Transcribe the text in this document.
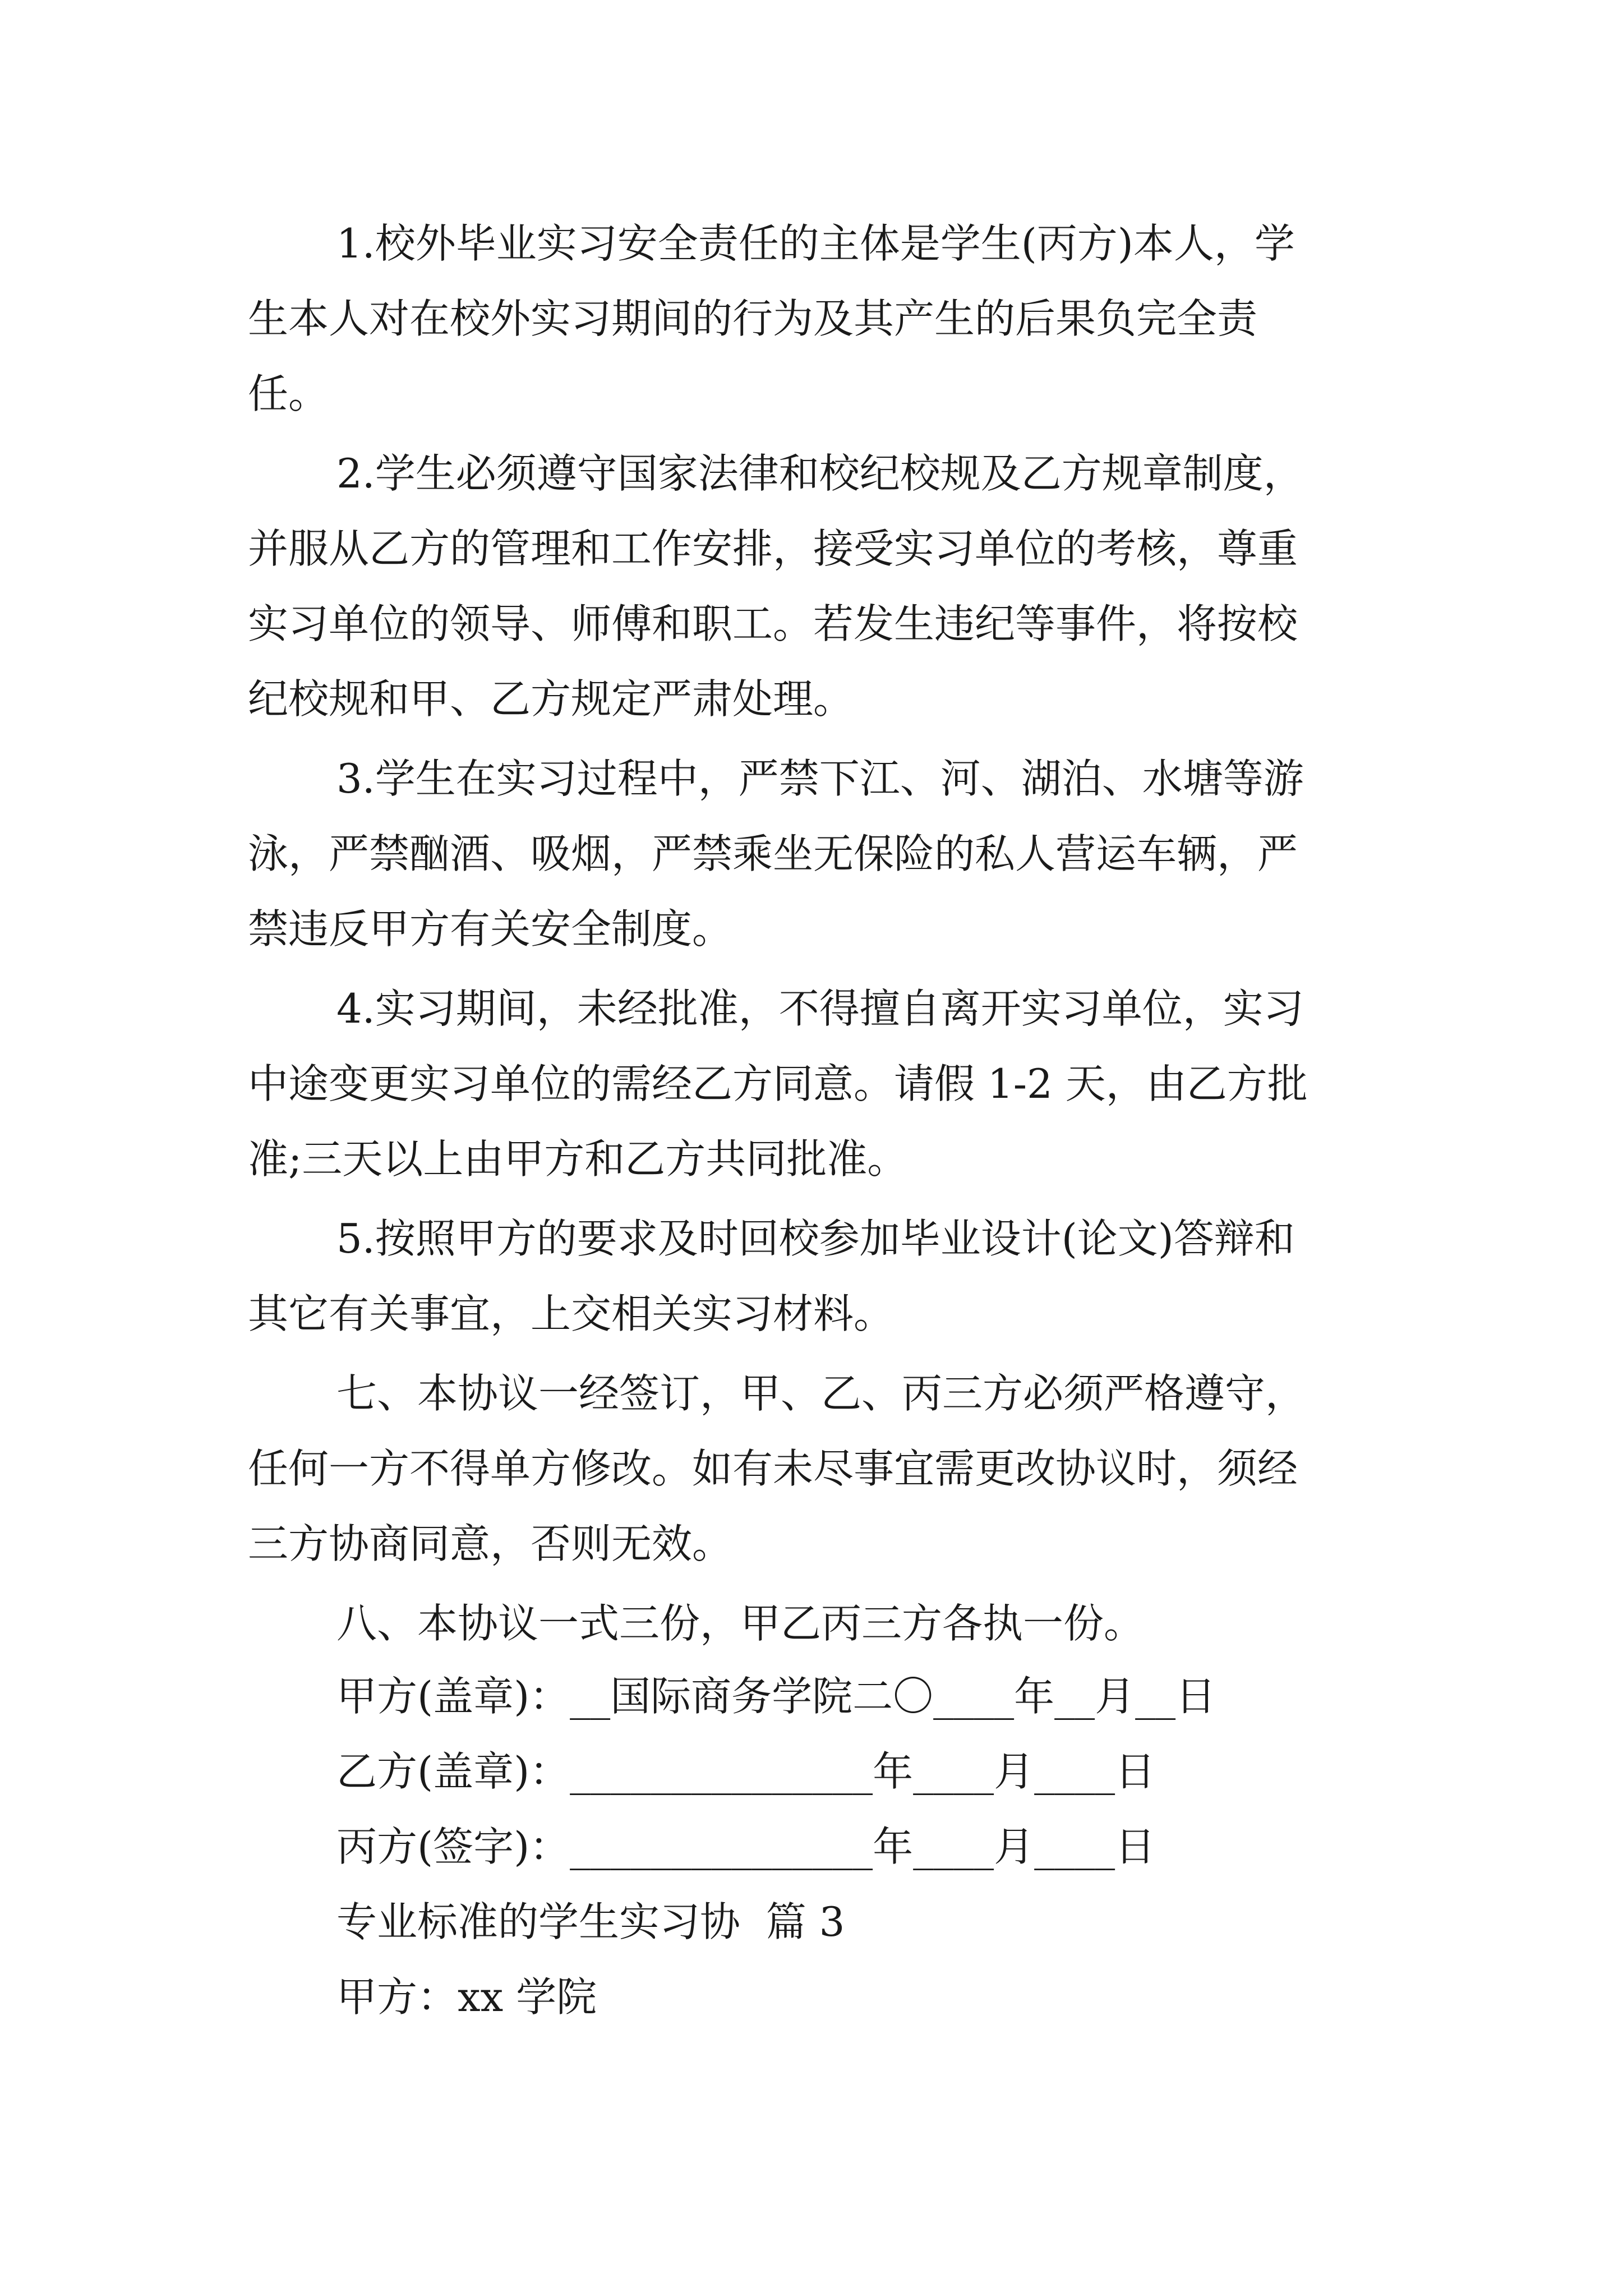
1.校外毕业实习安全责任的主体是学生(丙方)本人，学
生本人对在校外实习期间的行为及其产生的后果负完全责
任。
2.学生必须遵守国家法律和校纪校规及乙方规章制度，
并服从乙方的管理和工作安排，接受实习单位的考核，尊重
实习单位的领导、师傅和职工。若发生违纪等事件，将按校
纪校规和甲、乙方规定严肃处理。
3.学生在实习过程中，严禁下江、河、湖泊、水塘等游
泳，严禁酗酒、吸烟，严禁乘坐无保险的私人营运车辆，严
禁违反甲方有关安全制度。
4.实习期间，未经批准，不得擅自离开实习单位，实习
中途变更实习单位的需经乙方同意。请假 1-2 天，由乙方批
准;三天以上由甲方和乙方共同批准。
5.按照甲方的要求及时回校参加毕业设计(论文)答辩和
其它有关事宜，上交相关实习材料。
七、本协议一经签订，甲、乙、丙三方必须严格遵守，
任何一方不得单方修改。如有未尽事宜需更改协议时，须经
三方协商同意，否则无效。
八、本协议一式三份，甲乙丙三方各执一份。
甲方(盖章)：__国际商务学院二〇____年__月__日
乙方(盖章)：_______________年____月____日
丙方(签字)：_______________年____月____日
专业标准的学生实习协  篇 3
甲方：xx 学院
